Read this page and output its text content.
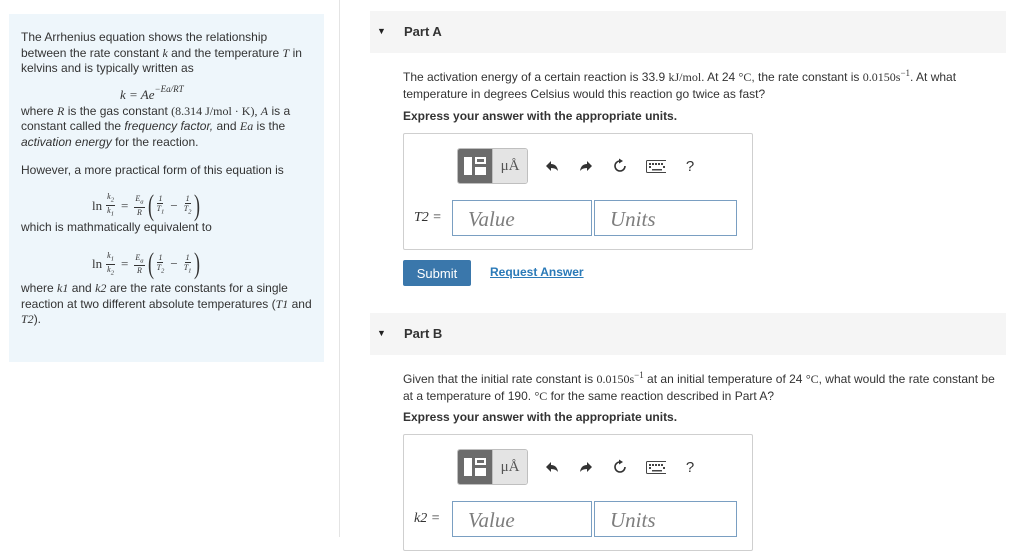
The Arrhenius equation shows the relationship between the rate constant k and the temperature T in kelvins and is typically written as

$k = Ae^{-Ea/RT}$

where R is the gas constant (8.314 J/mol · K), A is a constant called the frequency factor, and Ea is the activation energy for the reaction.

However, a more practical form of this equation is

$\ln \frac{k_2}{k_1} = \frac{E_a}{R}$ ( $\frac{1}{T_1} - \frac{1}{T_2}$ )

which is mathmatically equivalent to

$\ln \frac{k_1}{k_2} = \frac{E_a}{R}$ ( $\frac{1}{T_2} - \frac{1}{T_1}$ )

where k1 and k2 are the rate constants for a single reaction at two different absolute temperatures (T1 and T2).

▼ Part A
The activation energy of a certain reaction is 33.9 kJ/mol. At 24 °C, the rate constant is $0.0150s^{-1}$. At what temperature in degrees Celsius would this reaction go twice as fast?
Express your answer with the appropriate units.
μÅ	?
T2 =	Value	Units
Submit	Request Answer
▼ Part B
Given that the initial rate constant is $0.0150s^{-1}$ at an initial temperature of 24 °C, what would the rate constant be at a temperature of 190. °C for the same reaction described in Part A?
Express your answer with the appropriate units.
μÅ	?
k2 =	Value	Units
